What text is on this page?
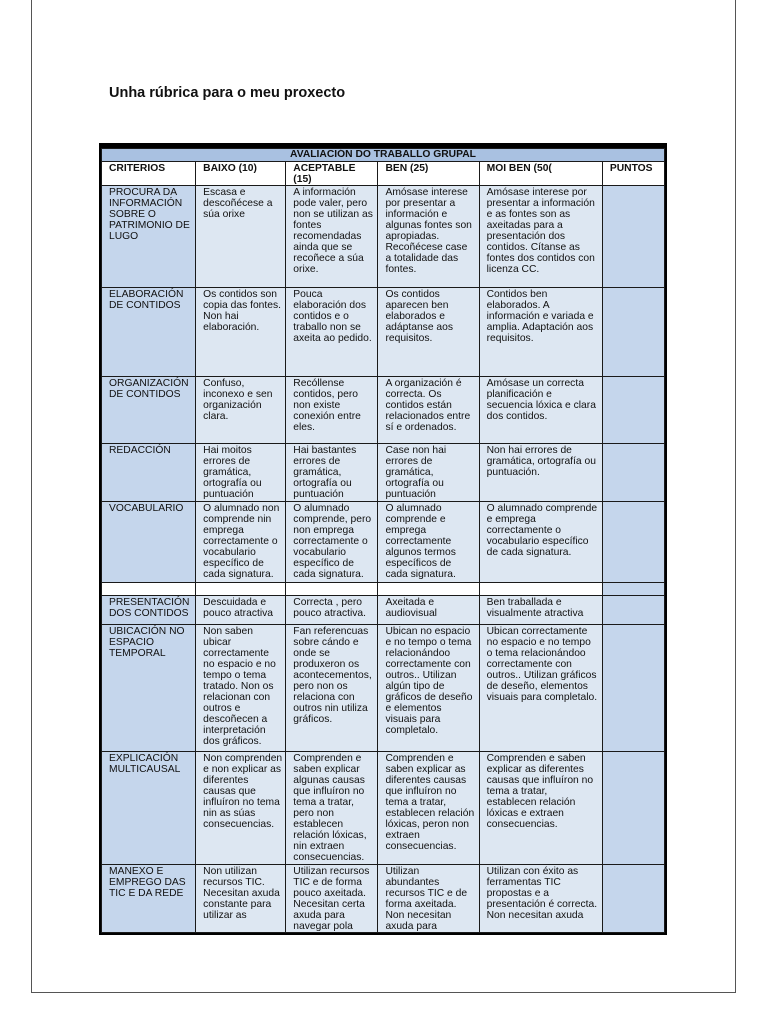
Unha rúbrica para o meu proxecto
AVALIACIÓN DO TRABALLO GRUPAL					
CRITERIOS	BAIXO (10)	ACEPTABLE (15)	BEN (25)	MOI BEN (50(	PUNTOS
PROCURA DA INFORMACIÓN SOBRE O PATRIMONIO DE LUGO	Escasa e descoñécese a súa orixe	A información pode valer, pero non se utilizan as fontes recomendadas ainda que se recoñece a súa orixe.	Amósase interese por presentar a información e algunas fontes son apropiadas. Recoñécese case a totalidade das fontes.	Amósase interese por presentar a información e as fontes son as axeitadas para a presentación dos contidos. Cítanse as fontes dos contidos con licenza CC.	
ELABORACIÓN DE CONTIDOS	Os contidos son copia das fontes. Non hai elaboración.	Pouca elaboración dos contidos e o traballo non se axeita ao pedido.	Os contidos aparecen ben elaborados e adáptanse aos requisitos.	Contidos ben elaborados. A información e variada e amplia. Adaptación aos requisitos.	
ORGANIZACIÓN DE CONTIDOS	Confuso, inconexo e sen organización clara.	Recóllense contidos, pero non existe conexión entre eles.	A organización é correcta. Os contidos están relacionados entre sí e ordenados.	Amósase un correcta planificación e secuencia lóxica e clara dos contidos.	
REDACCIÓN	Hai moitos errores de gramática, ortografía ou puntuación	Hai bastantes errores de gramática, ortografía ou puntuación	Case non hai errores de gramática, ortografía ou puntuación	Non hai errores de gramática, ortografía ou puntuación.	
VOCABULARIO	O alumnado non comprende nin emprega correctamente o vocabulario específico de cada signatura.	O alumnado comprende, pero non emprega correctamente o vocabulario específico de cada signatura.	O alumnado comprende e emprega correctamente algunos termos específicos de cada signatura.	O alumnado comprende e emprega correctamente o vocabulario específico de cada signatura.	

PRESENTACIÓN DOS CONTIDOS	Descuidada e pouco atractiva	Correcta , pero pouco atractiva.	Axeitada e audiovisual	Ben traballada e visualmente atractiva	
UBICACIÓN NO ESPACIO TEMPORAL	Non saben ubicar correctamente no espacio e no tempo o tema tratado. Non os relacionan con outros e descoñecen a interpretación dos gráficos.	Fan referencuas sobre cándo e onde se produxeron os acontecementos, pero non os relaciona con outros nin utiliza gráficos.	Ubican no espacio e no tempo o tema relacionándoo correctamente con outros.. Utilizan algún tipo de gráficos de deseño e elementos visuais para completalo.	Ubican correctamente no espacio e no tempo o tema relacionándoo correctamente con outros.. Utilizan gráficos de deseño, elementos visuais para completalo.	
EXPLICACIÓN MULTICAUSAL	Non comprenden e non explicar as diferentes causas que influíron no tema nin as súas consecuencias.	Comprenden e saben explicar algunas causas que influíron no tema a tratar, pero non establecen relación lóxicas, nin extraen consecuencias.	Comprenden e saben explicar as diferentes causas que influíron no tema a tratar, establecen relación lóxicas, peron non extraen consecuencias.	Comprenden e saben explicar as diferentes causas que influíron no tema a tratar, establecen relación lóxicas e extraen consecuencias.	
MANEXO E EMPREGO DAS TIC E DA REDE	Non utilizan recursos TIC. Necesitan axuda constante para utilizar as	Utilizan recursos TIC e de forma pouco axeitada. Necesitan certa axuda para navegar pola	Utilizan abundantes recursos TIC e de forma axeitada. Non necesitan axuda para	Utilizan con éxito as ferramentas TIC propostas e a presentación é correcta. Non necesitan axuda	
